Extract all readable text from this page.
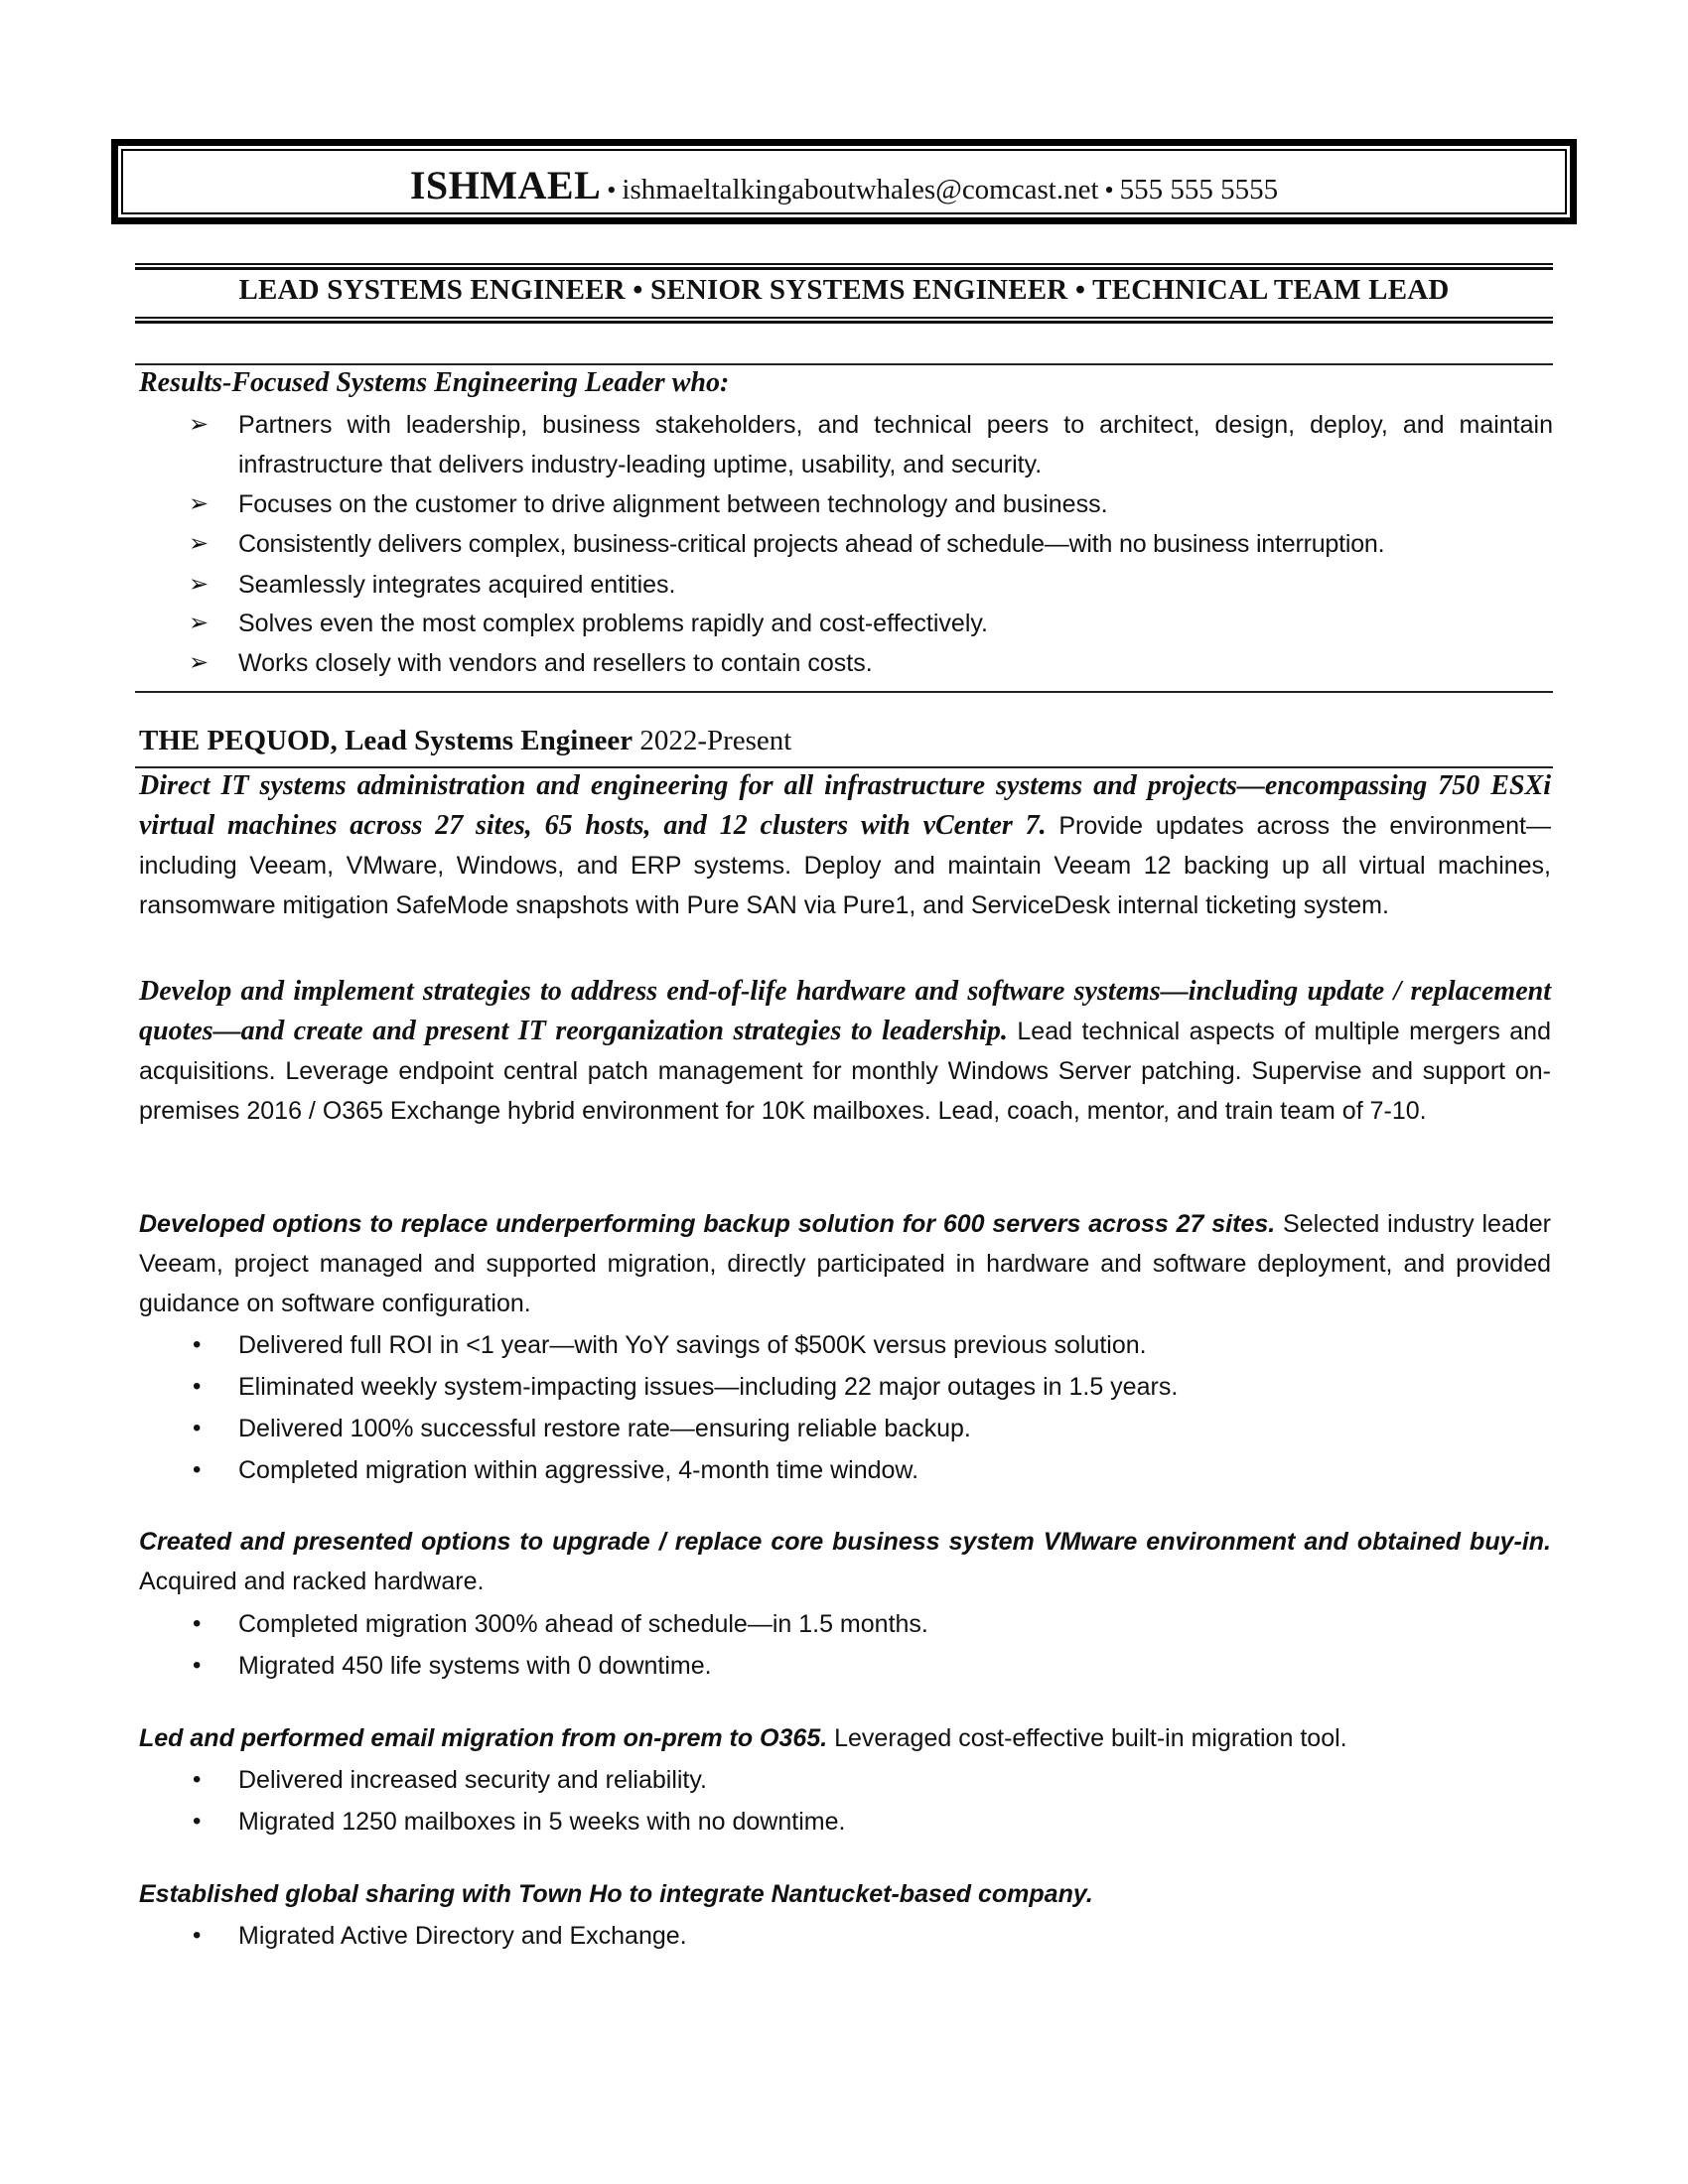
ISHMAEL • ishmaeltalkingaboutwhales@comcast.net • 555 555 5555
LEAD SYSTEMS ENGINEER • SENIOR SYSTEMS ENGINEER • TECHNICAL TEAM LEAD
Results-Focused Systems Engineering Leader who:
➢	Partners with leadership, business stakeholders, and technical peers to architect, design, deploy, and maintain infrastructure that delivers industry-leading uptime, usability, and security.
➢	Focuses on the customer to drive alignment between technology and business.
➢	Consistently delivers complex, business-critical projects ahead of schedule—with no business interruption.
➢	Seamlessly integrates acquired entities.
➢	Solves even the most complex problems rapidly and cost-effectively.
➢	Works closely with vendors and resellers to contain costs.
THE PEQUOD, Lead Systems Engineer 2022-Present
Direct IT systems administration and engineering for all infrastructure systems and projects—encompassing 750 ESXi virtual machines across 27 sites, 65 hosts, and 12 clusters with vCenter 7. Provide updates across the environment—including Veeam, VMware, Windows, and ERP systems. Deploy and maintain Veeam 12 backing up all virtual machines, ransomware mitigation SafeMode snapshots with Pure SAN via Pure1, and ServiceDesk internal ticketing system.
Develop and implement strategies to address end-of-life hardware and software systems—including update / replacement quotes—and create and present IT reorganization strategies to leadership. Lead technical aspects of multiple mergers and acquisitions. Leverage endpoint central patch management for monthly Windows Server patching. Supervise and support on-premises 2016 / O365 Exchange hybrid environment for 10K mailboxes. Lead, coach, mentor, and train team of 7-10.
Developed options to replace underperforming backup solution for 600 servers across 27 sites. Selected industry leader Veeam, project managed and supported migration, directly participated in hardware and software deployment, and provided guidance on software configuration.
•	Delivered full ROI in <1 year—with YoY savings of $500K versus previous solution.
•	Eliminated weekly system-impacting issues—including 22 major outages in 1.5 years.
•	Delivered 100% successful restore rate—ensuring reliable backup.
•	Completed migration within aggressive, 4-month time window.
Created and presented options to upgrade / replace core business system VMware environment and obtained buy-in. Acquired and racked hardware.
•	Completed migration 300% ahead of schedule—in 1.5 months.
•	Migrated 450 life systems with 0 downtime.
Led and performed email migration from on-prem to O365. Leveraged cost-effective built-in migration tool.
•	Delivered increased security and reliability.
•	Migrated 1250 mailboxes in 5 weeks with no downtime.
Established global sharing with Town Ho to integrate Nantucket-based company.
•	Migrated Active Directory and Exchange.
